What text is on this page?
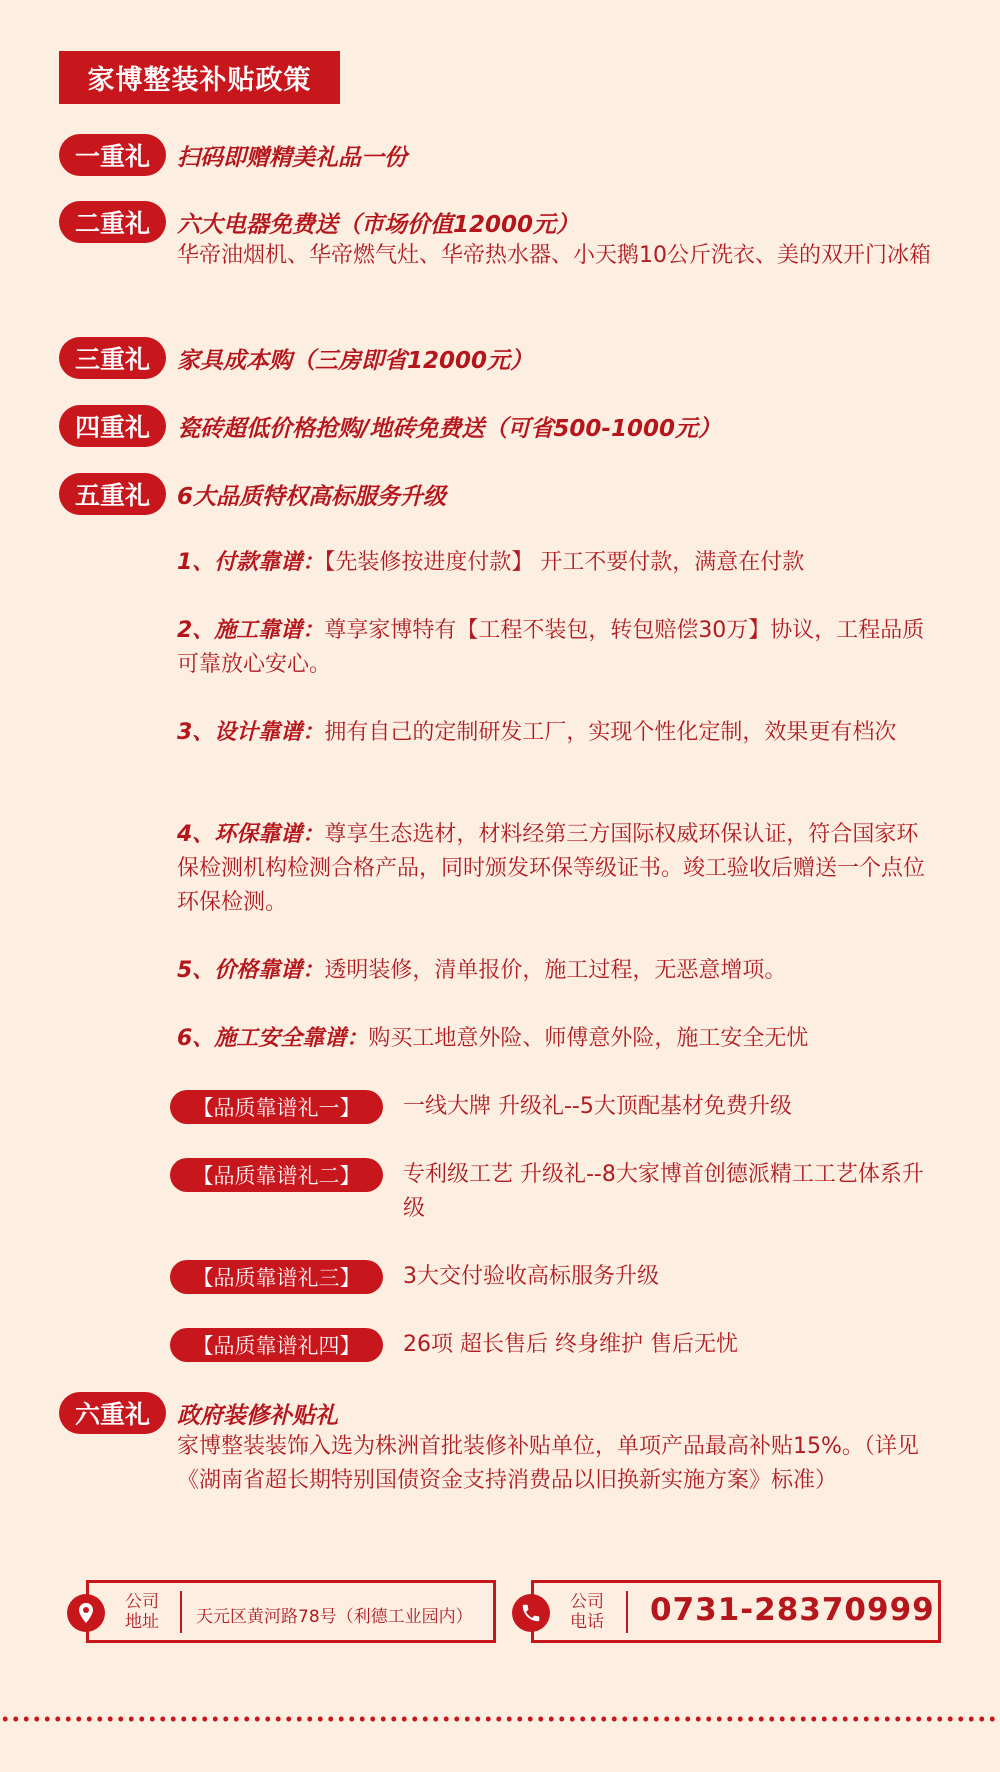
家博整装补贴政策
一重礼	扫码即赠精美礼品一份
二重礼	六大电器免费送（市场价值12000元）
华帝油烟机、华帝燃气灶、华帝热水器、小天鹅10公斤洗衣、美的双开门冰箱
三重礼	家具成本购（三房即省12000元）
四重礼	瓷砖超低价格抢购/地砖免费送（可省500-1000元）
五重礼	6大品质特权高标服务升级
1、付款靠谱：【先装修按进度付款】 开工不要付款，满意在付款
2、施工靠谱：尊享家博特有【工程不装包，转包赔偿30万】协议，工程品质可靠放心安心。
3、设计靠谱：拥有自己的定制研发工厂，实现个性化定制，效果更有档次
4、环保靠谱：尊享生态选材，材料经第三方国际权威环保认证，符合国家环保检测机构检测合格产品，同时颁发环保等级证书。竣工验收后赠送一个点位环保检测。
5、价格靠谱：透明装修，清单报价，施工过程，无恶意增项。
6、施工安全靠谱：购买工地意外险、师傅意外险，施工安全无忧
【品质靠谱礼一】	一线大牌 升级礼--5大顶配基材免费升级
【品质靠谱礼二】	专利级工艺 升级礼--8大家博首创德派精工工艺体系升级
【品质靠谱礼三】	3大交付验收高标服务升级
【品质靠谱礼四】	26项 超长售后 终身维护 售后无忧
六重礼	政府装修补贴礼
家博整装装饰入选为株洲首批装修补贴单位，单项产品最高补贴15%。（详见《湖南省超长期特别国债资金支持消费品以旧换新实施方案》标准）
公司
地址 天元区黄河路78号（利德工业园内）
公司
电话 0731-28370999
